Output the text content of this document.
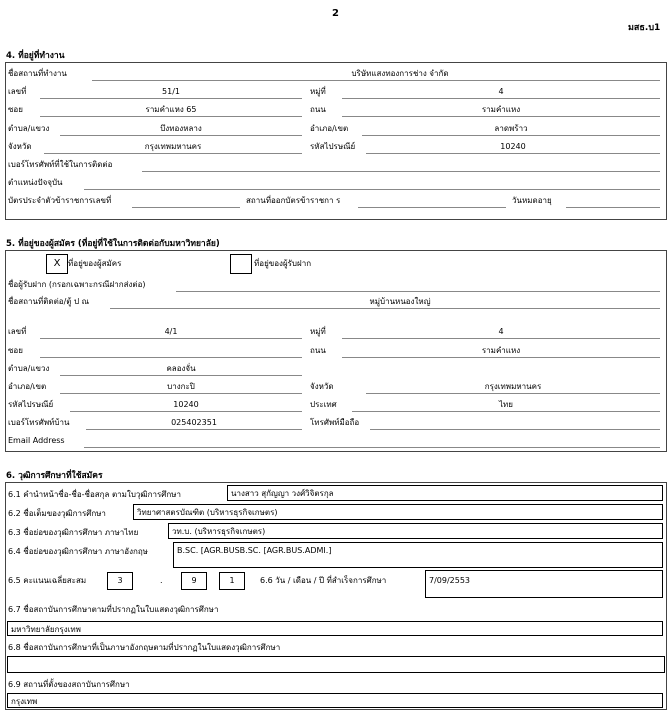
2
มสธ.บ1
4. ที่อยู่ที่ทำงาน
ชื่อสถานที่ทำงาน	บริษัทแสงทองการช่าง จำกัด
เลขที่	51/1	หมู่ที่	4
ซอย	รามคำแหง 65	ถนน	รามคำแหง
ตำบล/แขวง	บึงทองหลาง	อำเภอ/เขต	ลาดพร้าว
จังหวัด	กรุงเทพมหานคร	รหัสไปรษณีย์	10240
เบอร์โทรศัพท์ที่ใช้ในการติดต่อ
ตำแหน่งปัจจุบัน
บัตรประจำตัวข้าราชการเลขที่	สถานที่ออกบัตรข้าราชกา ร	วันหมดอายุ
5. ที่อยู่ของผู้สมัคร (ที่อยู่ที่ใช้ในการติดต่อกับมหาวิทยาลัย)
X ที่อยู่ของผู้สมัคร	ที่อยู่ของผู้รับฝาก
ชื่อผู้รับฝาก (กรอกเฉพาะกรณีฝากส่งต่อ)
ชื่อสถานที่ติดต่อ/ตู้ ป ณ	หมู่บ้านหนองใหญ่
เลขที่	4/1	หมู่ที่	4
ซอย	ถนน	รามคำแหง
ตำบล/แขวง	คลองจั่น
อำเภอ/เขต	บางกะปิ	จังหวัด	กรุงเทพมหานคร
รหัสไปรษณีย์	10240	ประเทศ	ไทย
เบอร์โทรศัพท์บ้าน	025402351	โทรศัพท์มือถือ
Email Address
6. วุฒิการศึกษาที่ใช้สมัคร
6.1 คำนำหน้าชื่อ-ชื่อ-ชื่อสกุล ตามใบวุฒิการศึกษา	นางสาว สุกัญญา วงศ์วิจิตรกุล
6.2 ชื่อเต็มของวุฒิการศึกษา	วิทยาศาสตรบัณฑิต (บริหารธุรกิจเกษตร)
6.3 ชื่อย่อของวุฒิการศึกษา ภาษาไทย	วท.บ. (บริหารธุรกิจเกษตร)
6.4 ชื่อย่อของวุฒิการศึกษา ภาษาอังกฤษ	B.SC. [AGR.BUSB.SC. [AGR.BUS.ADMI.]
6.5 คะแนนเฉลี่ยสะสม	3	.	9	1	6.6 วัน / เดือน / ปี ที่สำเร็จการศึกษา	7/09/2553
6.7 ชื่อสถาบันการศึกษาตามที่ปรากฏในใบแสดงวุฒิการศึกษา
มหาวิทยาลัยกรุงเทพ
6.8 ชื่อสถาบันการศึกษาที่เป็นภาษาอังกฤษตามที่ปรากฏในใบแสดงวุฒิการศึกษา
6.9 สถานที่ตั้งของสถาบันการศึกษา
กรุงเทพ
